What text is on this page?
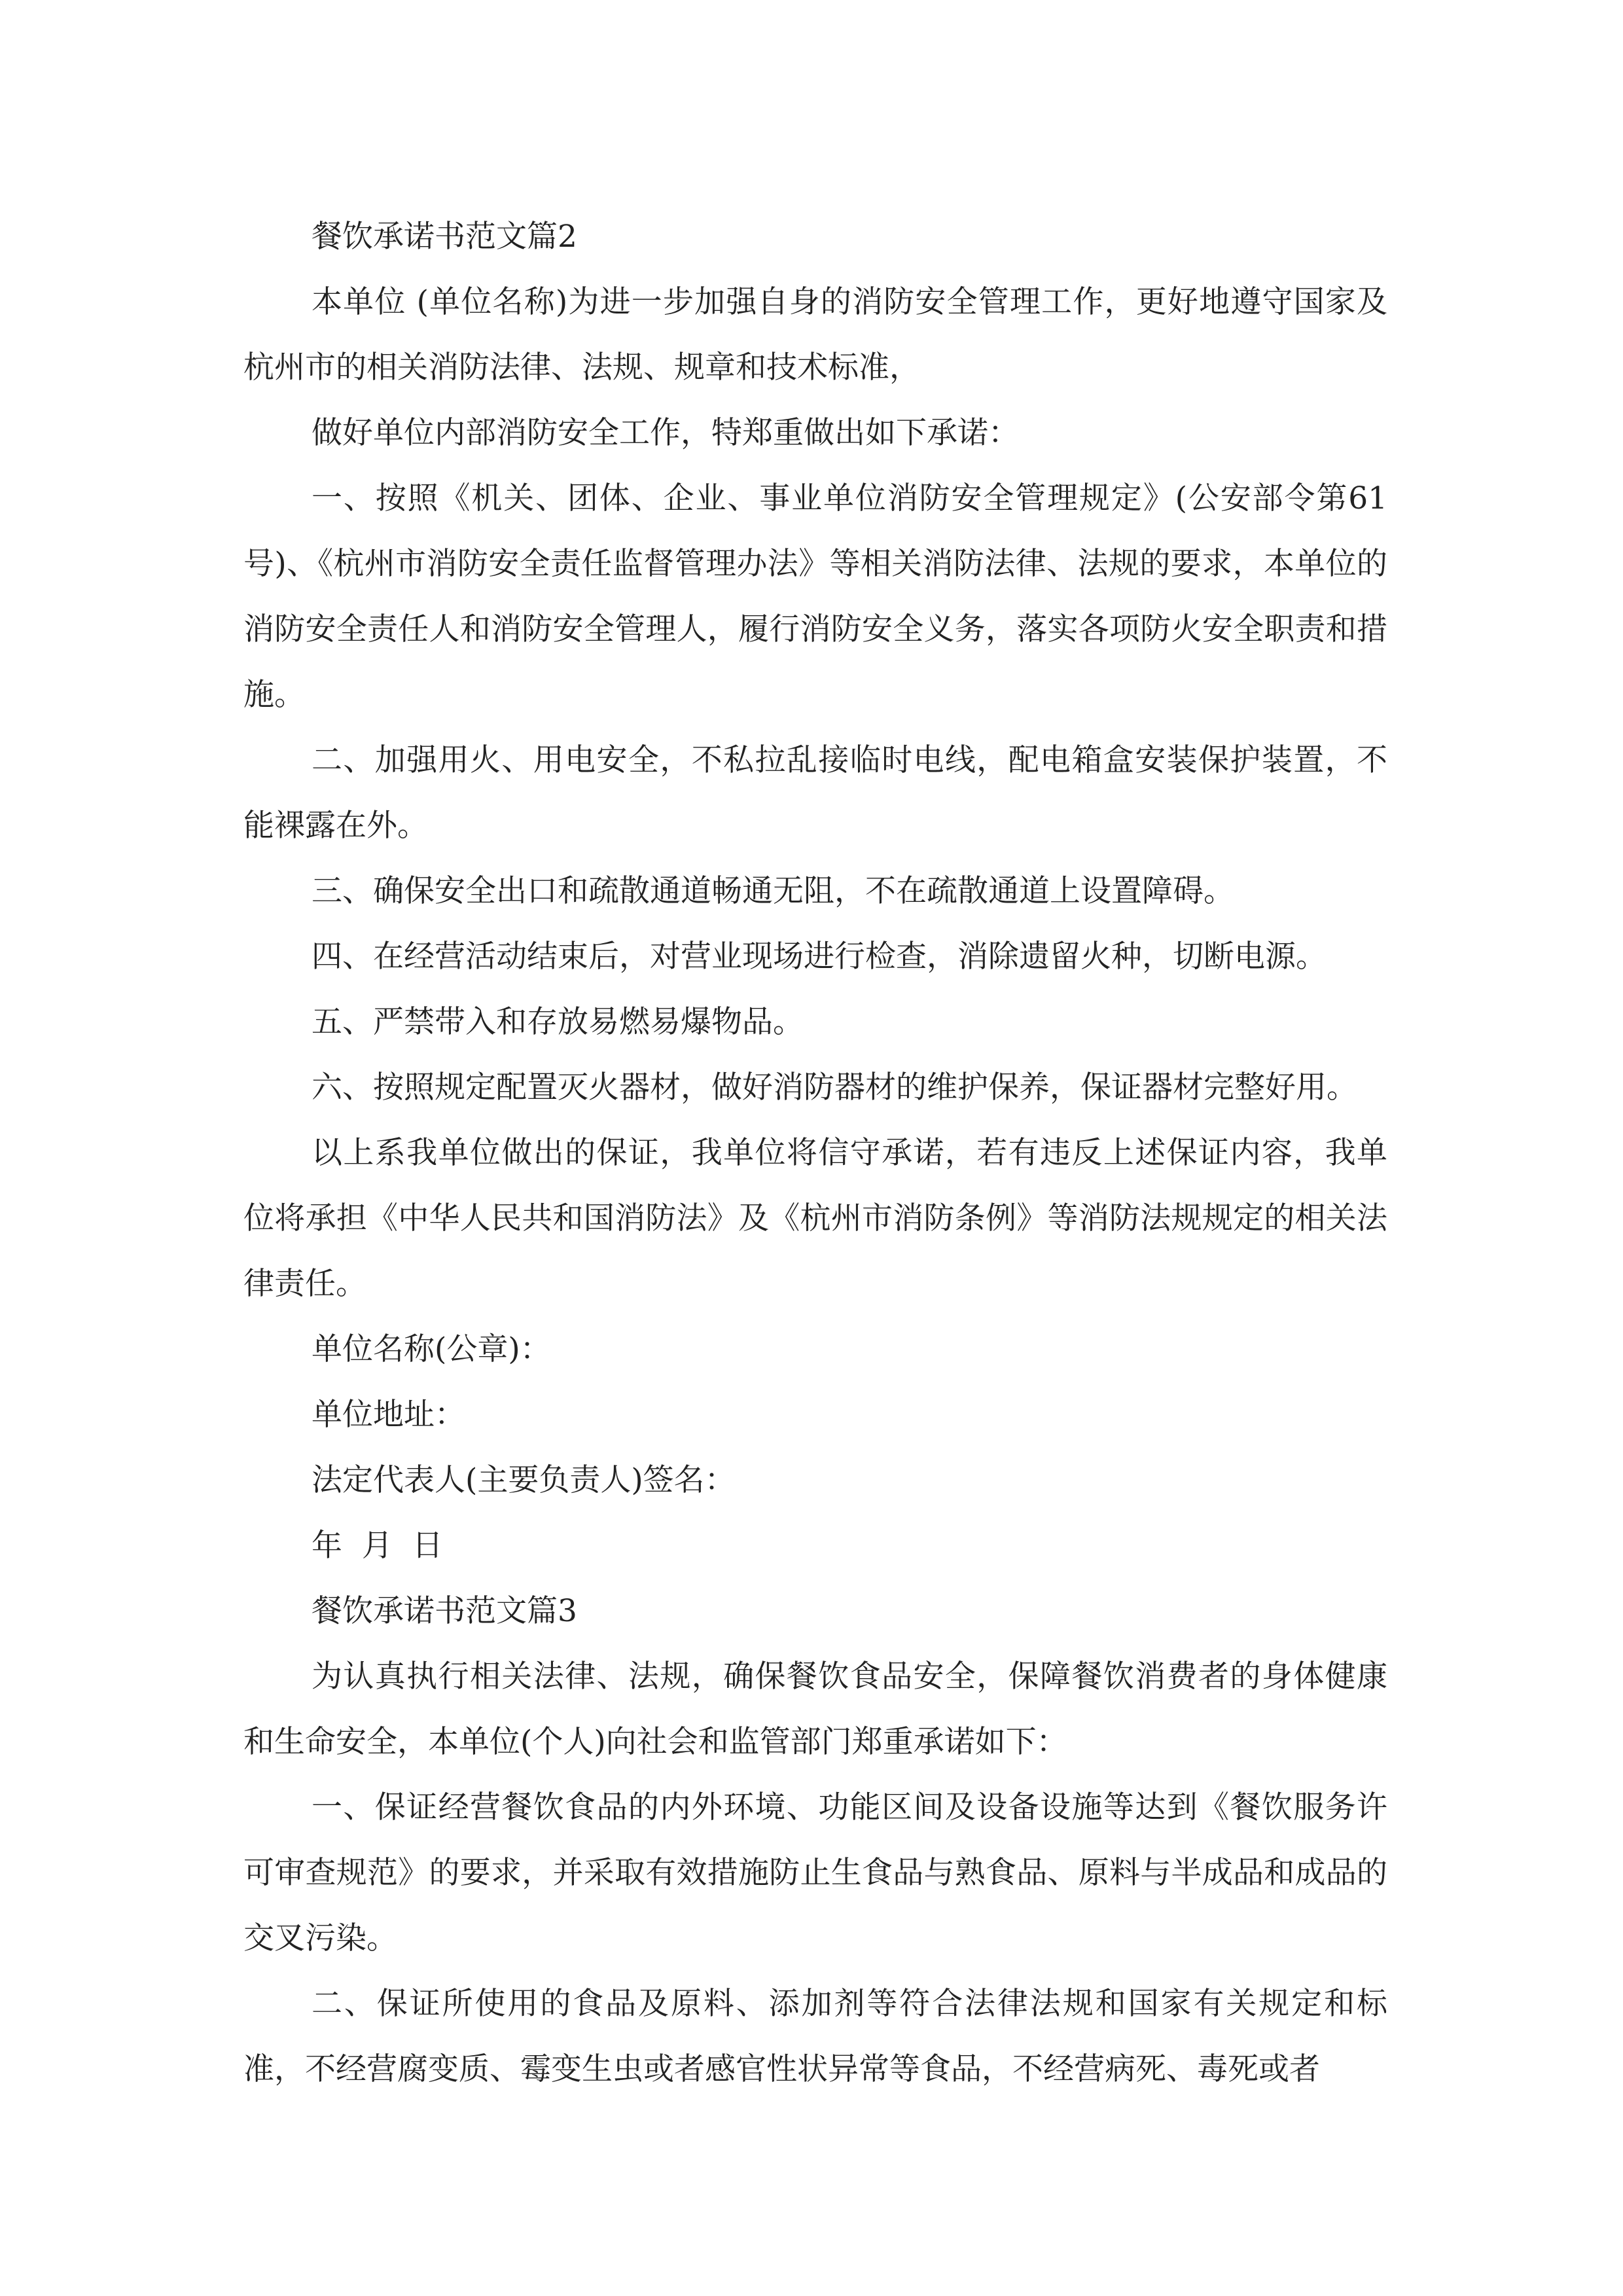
餐饮承诺书范文篇2

本单位 (单位名称)为进一步加强自身的消防安全管理工作，更好地遵守国家及杭州市的相关消防法律、法规、规章和技术标准，

做好单位内部消防安全工作，特郑重做出如下承诺：

一、按照《机关、团体、企业、事业单位消防安全管理规定》(公安部令第61号)、《杭州市消防安全责任监督管理办法》等相关消防法律、法规的要求，本单位的消防安全责任人和消防安全管理人，履行消防安全义务，落实各项防火安全职责和措施。

二、加强用火、用电安全，不私拉乱接临时电线，配电箱盒安装保护装置，不能裸露在外。

三、确保安全出口和疏散通道畅通无阻，不在疏散通道上设置障碍。

四、在经营活动结束后，对营业现场进行检查，消除遗留火种，切断电源。

五、严禁带入和存放易燃易爆物品。

六、按照规定配置灭火器材，做好消防器材的维护保养，保证器材完整好用。

以上系我单位做出的保证，我单位将信守承诺，若有违反上述保证内容，我单位将承担《中华人民共和国消防法》及《杭州市消防条例》等消防法规规定的相关法律责任。

单位名称(公章)：

单位地址：

法定代表人(主要负责人)签名：

年  月  日

餐饮承诺书范文篇3

为认真执行相关法律、法规，确保餐饮食品安全，保障餐饮消费者的身体健康和生命安全，本单位(个人)向社会和监管部门郑重承诺如下：

一、保证经营餐饮食品的内外环境、功能区间及设备设施等达到《餐饮服务许可审查规范》的要求，并采取有效措施防止生食品与熟食品、原料与半成品和成品的交叉污染。

二、保证所使用的食品及原料、添加剂等符合法律法规和国家有关规定和标准，不经营腐变质、霉变生虫或者感官性状异常等食品，不经营病死、毒死或者
